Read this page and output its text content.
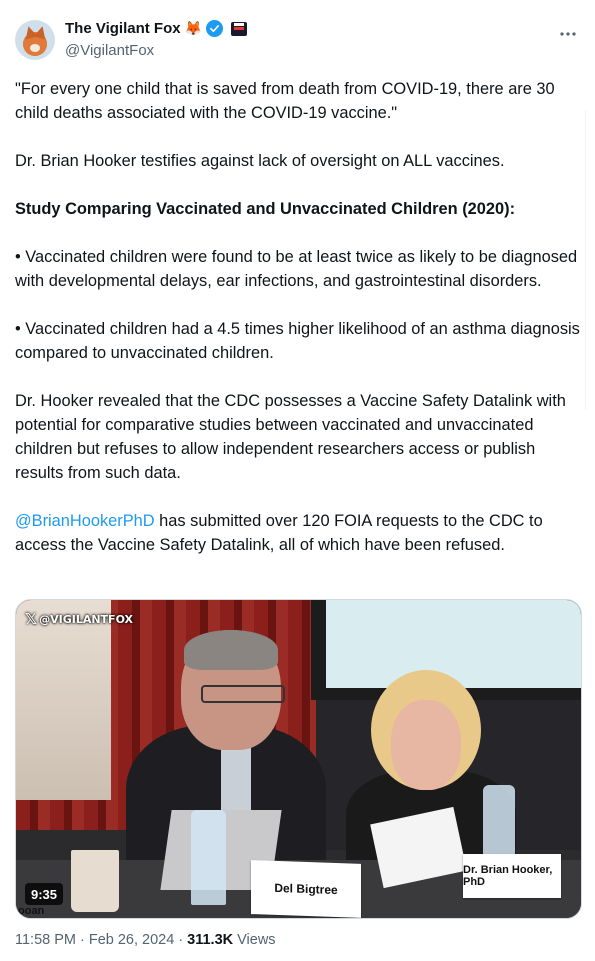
The Vigilant Fox 🦊
@VigilantFox

"For every one child that is saved from death from COVID-19, there are 30 child deaths associated with the COVID-19 vaccine."

Dr. Brian Hooker testifies against lack of oversight on ALL vaccines.

Study Comparing Vaccinated and Unvaccinated Children (2020):

• Vaccinated children were found to be at least twice as likely to be diagnosed with developmental delays, ear infections, and gastrointestinal disorders.

• Vaccinated children had a 4.5 times higher likelihood of an asthma diagnosis compared to unvaccinated children.

Dr. Hooker revealed that the CDC possesses a Vaccine Safety Datalink with potential for comparative studies between vaccinated and unvaccinated children but refuses to allow independent researchers access or publish results from such data.

@BrianHookerPhD has submitted over 120 FOIA requests to the CDC to access the Vaccine Safety Datalink, all of which have been refused.

𝕏 @VIGILANTFOX
Del Bigtree
Dr. Brian Hooker, PhD
9:35
ooan
11:58 PM · Feb 26, 2024 · 311.3K Views
